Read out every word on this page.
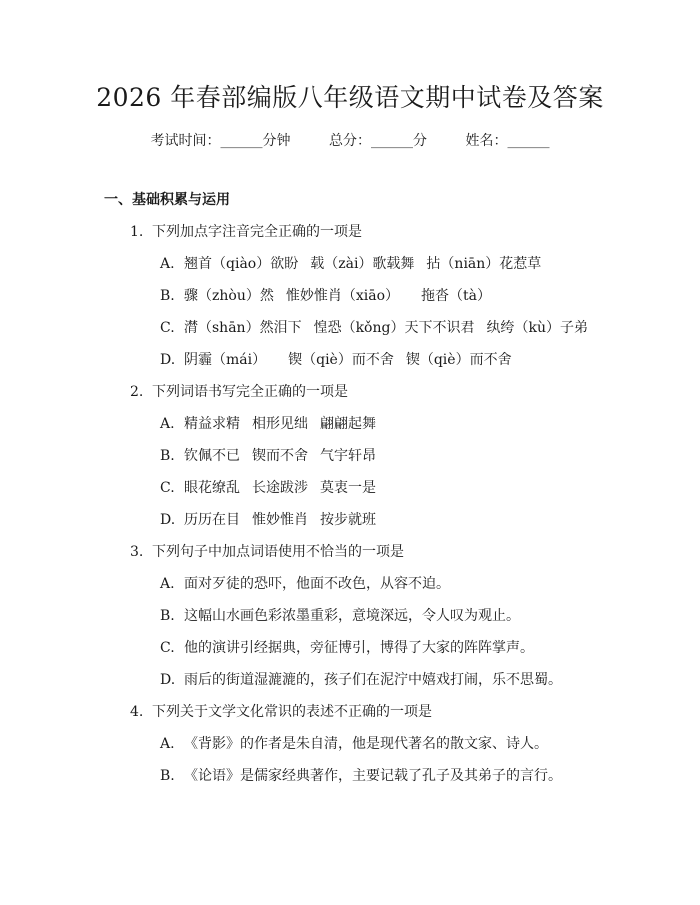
2026 年春部编版八年级语文期中试卷及答案
考试时间：______分钟	总分：______分	姓名：______
一、基础积累与运用
1. 下列加点字注音完全正确的一项是
A. 翘首（qiào）欲盼 载（zài）歌载舞 拈（niān）花惹草
B. 骤（zhòu）然 惟妙惟肖（xiāo） 拖沓（tà）
C. 潸（shān）然泪下 惶恐（kǒng）天下不识君 纨绔（kù）子弟
D. 阴霾（mái） 锲（qiè）而不舍 锲（qiè）而不舍
2. 下列词语书写完全正确的一项是
A. 精益求精 相形见绌 翩翩起舞
B. 钦佩不已 锲而不舍 气宇轩昂
C. 眼花缭乱 长途跋涉 莫衷一是
D. 历历在目 惟妙惟肖 按步就班
3. 下列句子中加点词语使用不恰当的一项是
A. 面对歹徒的恐吓，他面不改色，从容不迫。
B. 这幅山水画色彩浓墨重彩，意境深远，令人叹为观止。
C. 他的演讲引经据典，旁征博引，博得了大家的阵阵掌声。
D. 雨后的街道湿漉漉的，孩子们在泥泞中嬉戏打闹，乐不思蜀。
4. 下列关于文学文化常识的表述不正确的一项是
A. 《背影》的作者是朱自清，他是现代著名的散文家、诗人。
B. 《论语》是儒家经典著作，主要记载了孔子及其弟子的言行。
